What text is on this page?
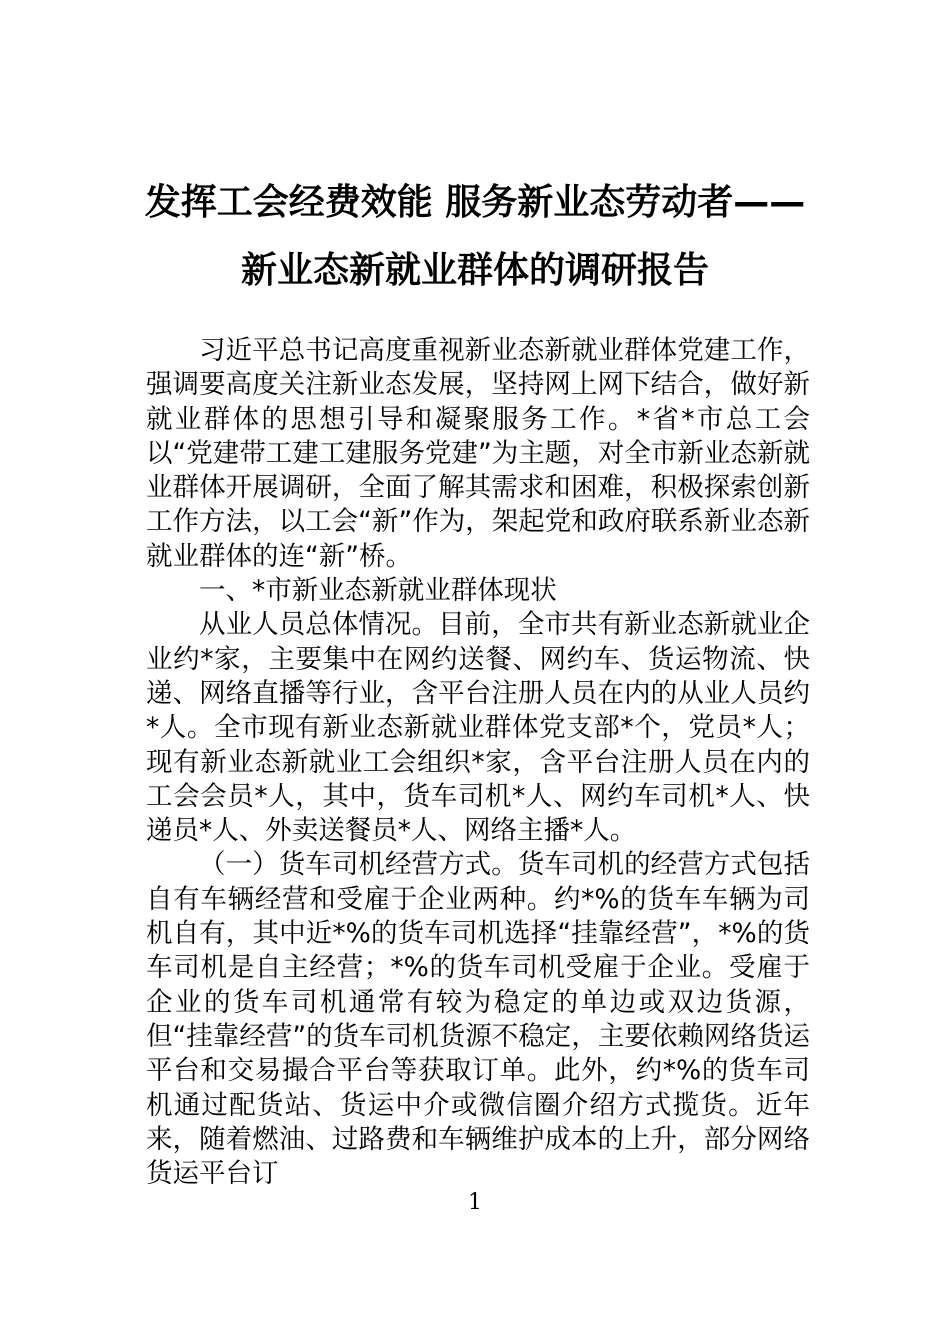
发挥工会经费效能 服务新业态劳动者——
新业态新就业群体的调研报告

习近平总书记高度重视新业态新就业群体党建工作，强调要高度关注新业态发展，坚持网上网下结合，做好新就业群体的思想引导和凝聚服务工作。*省*市总工会以“党建带工建工建服务党建”为主题，对全市新业态新就业群体开展调研，全面了解其需求和困难，积极探索创新工作方法，以工会“新”作为，架起党和政府联系新业态新就业群体的连“新”桥。

一、*市新业态新就业群体现状

从业人员总体情况。目前，全市共有新业态新就业企业约*家，主要集中在网约送餐、网约车、货运物流、快递、网络直播等行业，含平台注册人员在内的从业人员约*人。全市现有新业态新就业群体党支部*个，党员*人；现有新业态新就业工会组织*家，含平台注册人员在内的工会会员*人，其中，货车司机*人、网约车司机*人、快递员*人、外卖送餐员*人、网络主播*人。

（一）货车司机经营方式。货车司机的经营方式包括自有车辆经营和受雇于企业两种。约*%的货车车辆为司机自有，其中近*%的货车司机选择“挂靠经营”，*%的货车司机是自主经营；*%的货车司机受雇于企业。受雇于企业的货车司机通常有较为稳定的单边或双边货源，但“挂靠经营”的货车司机货源不稳定，主要依赖网络货运平台和交易撮合平台等获取订单。此外，约*%的货车司机通过配货站、货运中介或微信圈介绍方式揽货。近年来，随着燃油、过路费和车辆维护成本的上升，部分网络货运平台订

1
